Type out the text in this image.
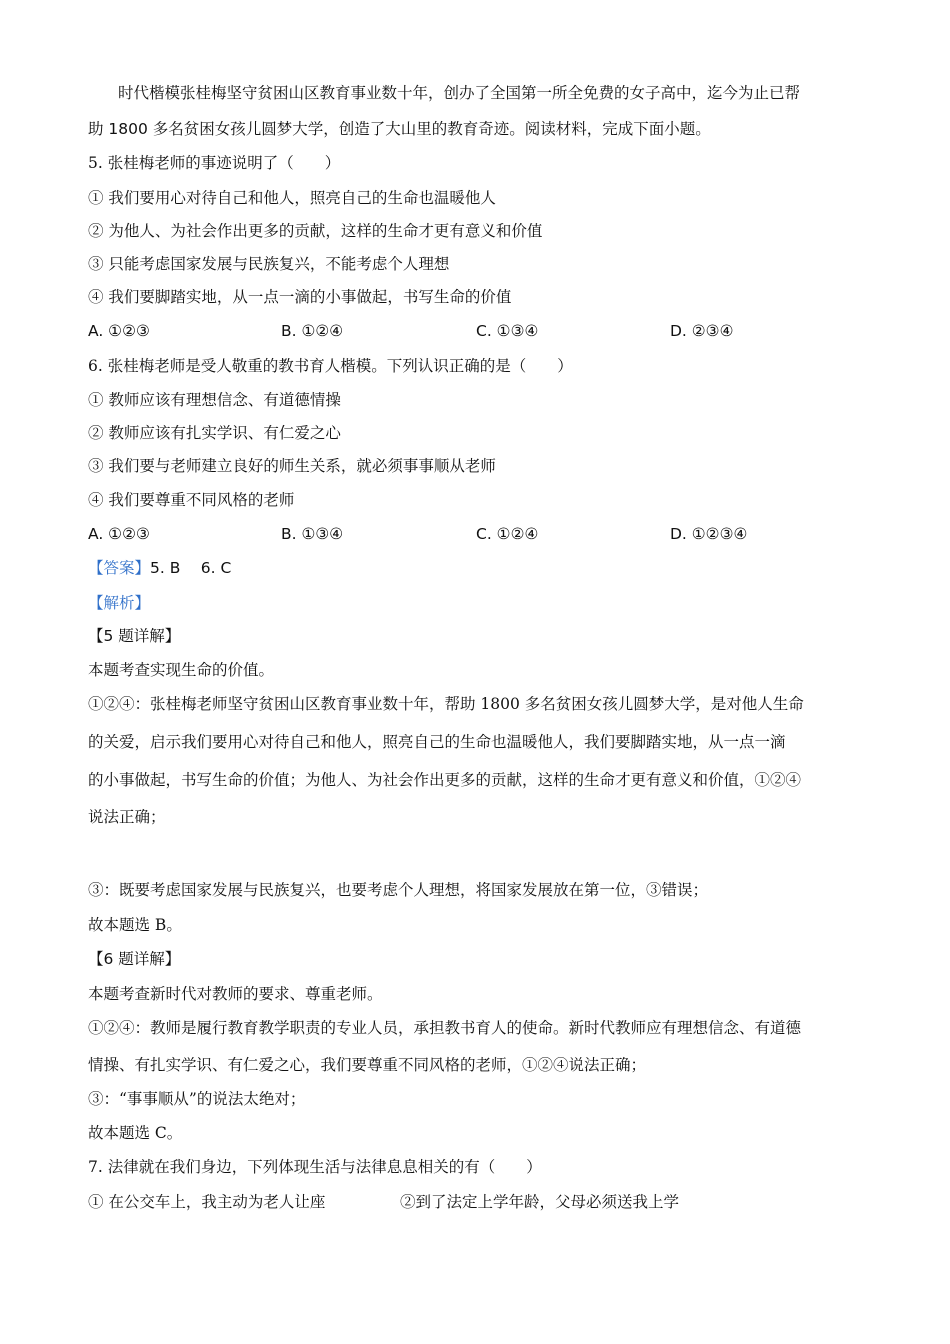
时代楷模张桂梅坚守贫困山区教育事业数十年，创办了全国第一所全免费的女子高中，迄今为止已帮
助 1800 多名贫困女孩儿圆梦大学，创造了大山里的教育奇迹。阅读材料，完成下面小题。
5. 张桂梅老师的事迹说明了（　　）
① 我们要用心对待自己和他人，照亮自己的生命也温暖他人
② 为他人、为社会作出更多的贡献，这样的生命才更有意义和价值
③ 只能考虑国家发展与民族复兴，不能考虑个人理想
④ 我们要脚踏实地，从一点一滴的小事做起，书写生命的价值
A. ①②③	B. ①②④	C. ①③④	D. ②③④
6. 张桂梅老师是受人敬重的教书育人楷模。下列认识正确的是（　　）
① 教师应该有理想信念、有道德情操
② 教师应该有扎实学识、有仁爱之心
③ 我们要与老师建立良好的师生关系，就必须事事顺从老师
④ 我们要尊重不同风格的老师
A. ①②③	B. ①③④	C. ①②④	D. ①②③④
【答案】5. B　 6. C
【解析】
【5 题详解】
本题考查实现生命的价值。
①②④：张桂梅老师坚守贫困山区教育事业数十年，帮助 1800 多名贫困女孩儿圆梦大学，是对他人生命
的关爱，启示我们要用心对待自己和他人，照亮自己的生命也温暖他人，我们要脚踏实地，从一点一滴
的小事做起，书写生命的价值；为他人、为社会作出更多的贡献，这样的生命才更有意义和价值，①②④
说法正确；
③：既要考虑国家发展与民族复兴，也要考虑个人理想，将国家发展放在第一位，③错误；
故本题选 B。
【6 题详解】
本题考查新时代对教师的要求、尊重老师。
①②④：教师是履行教育教学职责的专业人员，承担教书育人的使命。新时代教师应有理想信念、有道德
情操、有扎实学识、有仁爱之心，我们要尊重不同风格的老师，①②④说法正确；
③：“事事顺从”的说法太绝对；
故本题选 C。
7. 法律就在我们身边，下列体现生活与法律息息相关的有（　　）
① 在公交车上，我主动为老人让座	②到了法定上学年龄，父母必须送我上学
